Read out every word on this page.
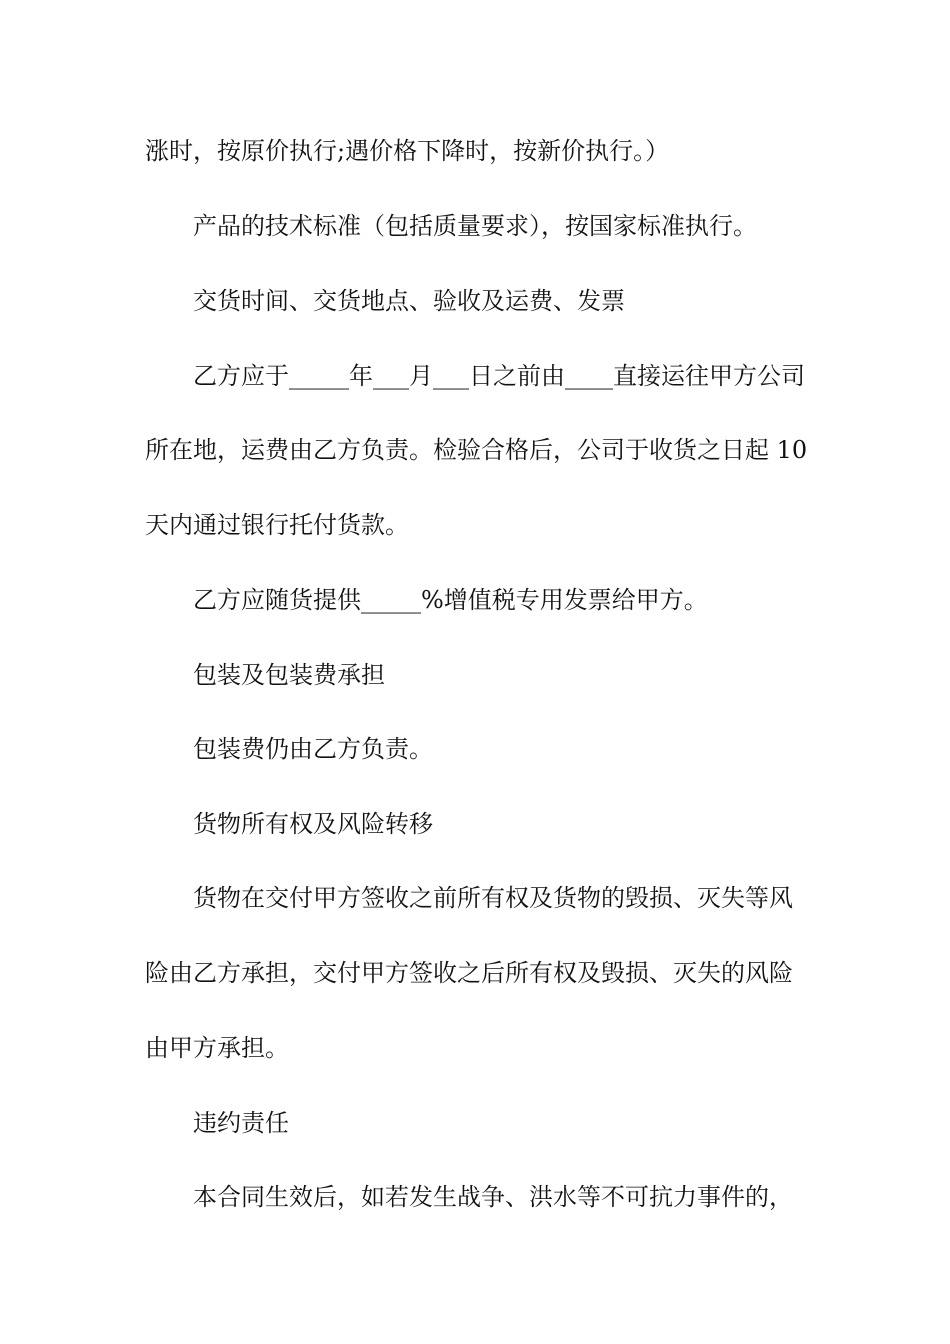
涨时，按原价执行;遇价格下降时，按新价执行。）
产品的技术标准（包括质量要求），按国家标准执行。
交货时间、交货地点、验收及运费、发票
乙方应于_____年___月___日之前由____直接运往甲方公司
所在地，运费由乙方负责。检验合格后，公司于收货之日起 10
天内通过银行托付货款。
乙方应随货提供_____%增值税专用发票给甲方。
包装及包装费承担
包装费仍由乙方负责。
货物所有权及风险转移
货物在交付甲方签收之前所有权及货物的毁损、灭失等风
险由乙方承担，交付甲方签收之后所有权及毁损、灭失的风险
由甲方承担。
违约责任
本合同生效后，如若发生战争、洪水等不可抗力事件的，
